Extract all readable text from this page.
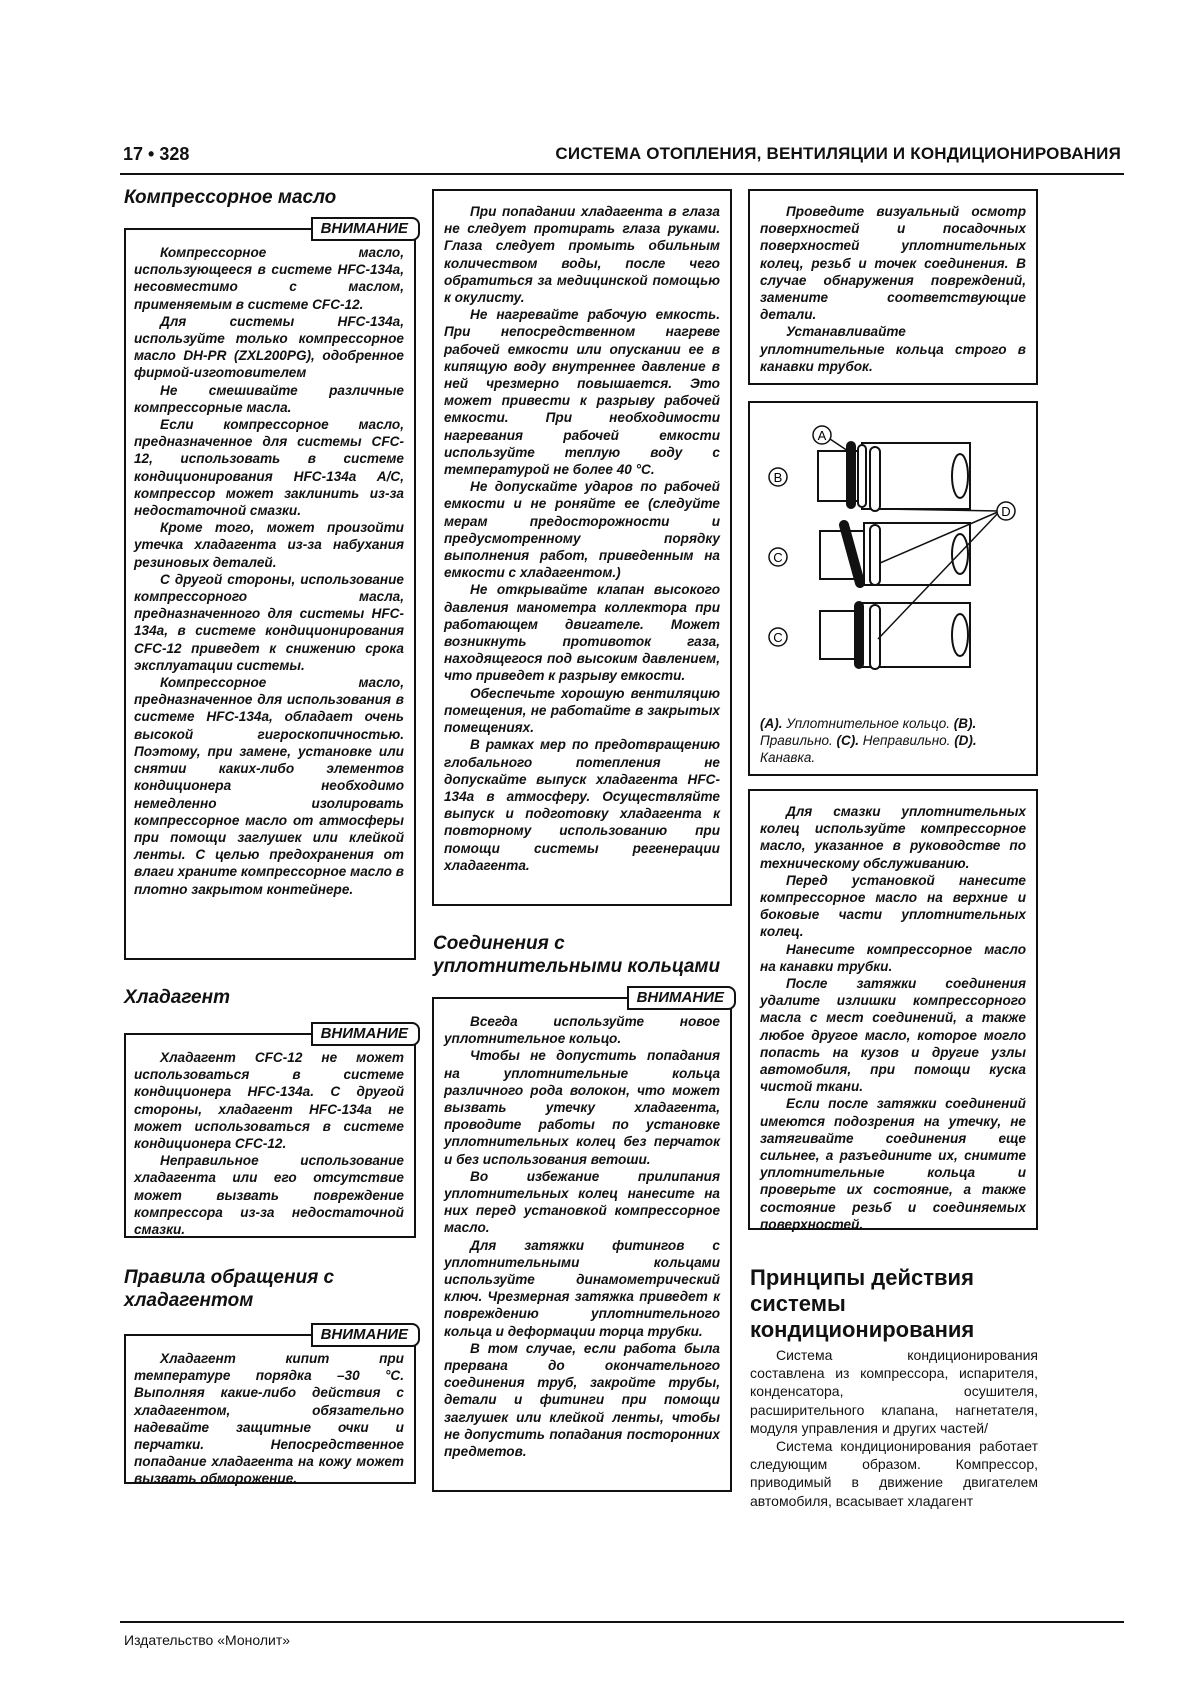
17 • 328	СИСТЕМА ОТОПЛЕНИЯ, ВЕНТИЛЯЦИИ И КОНДИЦИОНИРОВАНИЯ
Компрессорное масло
ВНИМАНИЕ

Компрессорное масло, использующееся в системе HFC-134a, несовместимо с маслом, применяемым в системе CFC-12.

Для системы HFC-134a, используйте только компрессорное масло DH-PR (ZXL200PG), одобренное фирмой-изготовителем

Не смешивайте различные компрессорные масла.

Если компрессорное масло, предназначенное для системы CFC-12, использовать в системе кондиционирования HFC-134a A/C, компрессор может заклинить из-за недостаточной смазки.

Кроме того, может произойти утечка хладагента из-за набухания резиновых деталей.

С другой стороны, использование компрессорного масла, предназначенного для системы HFC-134a, в системе кондиционирования CFC-12 приведет к снижению срока эксплуатации системы.

Компрессорное масло, предназначенное для использования в системе HFC-134a, обладает очень высокой гигроскопичностью. Поэтому, при замене, установке или снятии каких-либо элементов кондиционера необходимо немедленно изолировать компрессорное масло от атмосферы при помощи заглушек или клейкой ленты. С целью предохранения от влаги храните компрессорное масло в плотно закрытом контейнере.

Хладагент
ВНИМАНИЕ

Хладагент CFC-12 не может использоваться в системе кондиционера HFC-134a. С другой стороны, хладагент HFC-134a не может использоваться в системе кондиционера CFC-12.

Неправильное использование хладагента или его отсутствие может вызвать повреждение компрессора из-за недостаточной смазки.

Правила обращения с хладагентом
ВНИМАНИЕ

Хладагент кипит при температуре порядка –30 °С. Выполняя какие-либо действия с хладагентом, обязательно надевайте защитные очки и перчатки. Непосредственное попадание хладагента на кожу может вызвать обморожение.

При попадании хладагента в глаза не следует протирать глаза руками. Глаза следует промыть обильным количеством воды, после чего обратиться за медицинской помощью к окулисту.

Не нагревайте рабочую емкость. При непосредственном нагреве рабочей емкости или опускании ее в кипящую воду внутреннее давление в ней чрезмерно повышается. Это может привести к разрыву рабочей емкости. При необходимости нагревания рабочей емкости используйте теплую воду с температурой не более 40 °С.

Не допускайте ударов по рабочей емкости и не роняйте ее (следуйте мерам предосторожности и предусмотренному порядку выполнения работ, приведенным на емкости с хладагентом.)

Не открывайте клапан высокого давления манометра коллектора при работающем двигателе. Может возникнуть противоток газа, находящегося под высоким давлением, что приведет к разрыву емкости.

Обеспечьте хорошую вентиляцию помещения, не работайте в закрытых помещениях.

В рамках мер по предотвращению глобального потепления не допускайте выпуск хладагента HFC-134a в атмосферу. Осуществляйте выпуск и подготовку хладагента к повторному использованию при помощи системы регенерации хладагента.

Соединения с уплотнительными кольцами
ВНИМАНИЕ

Всегда используйте новое уплотнительное кольцо.

Чтобы не допустить попадания на уплотнительные кольца различного рода волокон, что может вызвать утечку хладагента, проводите работы по установке уплотнительных колец без перчаток и без использования ветоши.

Во избежание прилипания уплотнительных колец нанесите на них перед установкой компрессорное масло.

Для затяжки фитингов с уплотнительными кольцами используйте динамометрический ключ. Чрезмерная затяжка приведет к повреждению уплотнительного кольца и деформации торца трубки.

В том случае, если работа была прервана до окончательного соединения труб, закройте трубы, детали и фитинги при помощи заглушек или клейкой ленты, чтобы не допустить попадания посторонних предметов.

Проведите визуальный осмотр поверхностей и посадочных поверхностей уплотнительных колец, резьб и точек соединения. В случае обнаружения повреждений, замените соответствующие детали.

Устанавливайте уплотнительные кольца строго в канавки трубок.

A
B
C
C
D
(А). Уплотнительное кольцо. (В). Правильно. (С). Неправильно. (D). Канавка.

Для смазки уплотнительных колец используйте компрессорное масло, указанное в руководстве по техническому обслуживанию.

Перед установкой нанесите компрессорное масло на верхние и боковые части уплотнительных колец.

Нанесите компрессорное масло на канавки трубки.

После затяжки соединения удалите излишки компрессорного масла с мест соединений, а также любое другое масло, которое могло попасть на кузов и другие узлы автомобиля, при помощи куска чистой ткани.

Если после затяжки соединений имеются подозрения на утечку, не затягивайте соединения еще сильнее, а разъедините их, снимите уплотнительные кольца и проверьте их состояние, а также состояние резьб и соединяемых поверхностей.

Принципы действия системы кондиционирования

Система кондиционирования составлена из компрессора, испарителя, конденсатора, осушителя, расширительного клапана, нагнетателя, модуля управления и других частей/

Система кондиционирования работает следующим образом. Компрессор, приводимый в движение двигателем автомобиля, всасывает хладагент

Издательство «Монолит»
